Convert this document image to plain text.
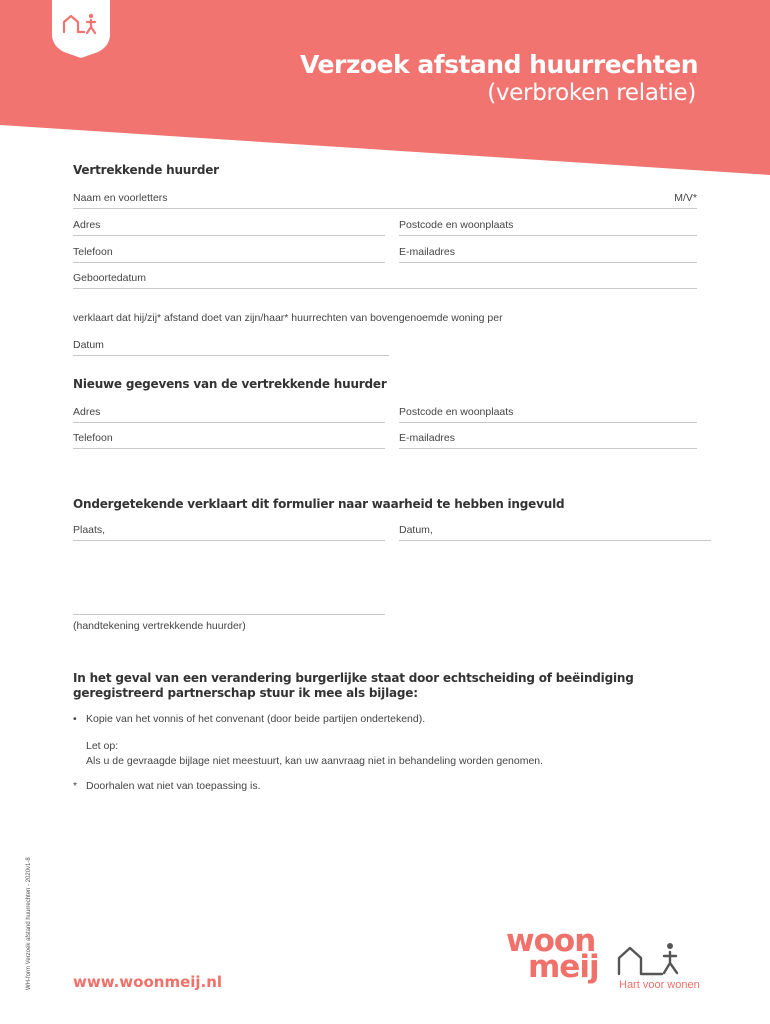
Verzoek afstand huurrechten
(verbroken relatie)
Vertrekkende huurder
Naam en voorletters	M/V*
Adres	Postcode en woonplaats
Telefoon	E-mailadres
Geboortedatum
verklaart dat hij/zij* afstand doet van zijn/haar* huurrechten van bovengenoemde woning per
Datum
Nieuwe gegevens van de vertrekkende huurder
Adres	Postcode en woonplaats
Telefoon	E-mailadres
Ondergetekende verklaart dit formulier naar waarheid te hebben ingevuld
Plaats,	Datum,
(handtekening vertrekkende huurder)
In het geval van een verandering burgerlijke staat door echtscheiding of beëindiging geregistreerd partnerschap stuur ik mee als bijlage:
• Kopie van het vonnis of het convenant (door beide partijen ondertekend).
Let op:
Als u de gevraagde bijlage niet meestuurt, kan uw aanvraag niet in behandeling worden genomen.
* Doorhalen wat niet van toepassing is.
WH-form Verzoek afstand huurrechten - 2020v1-8	www.woonmeij.nl
woon
meij Hart voor wonen
